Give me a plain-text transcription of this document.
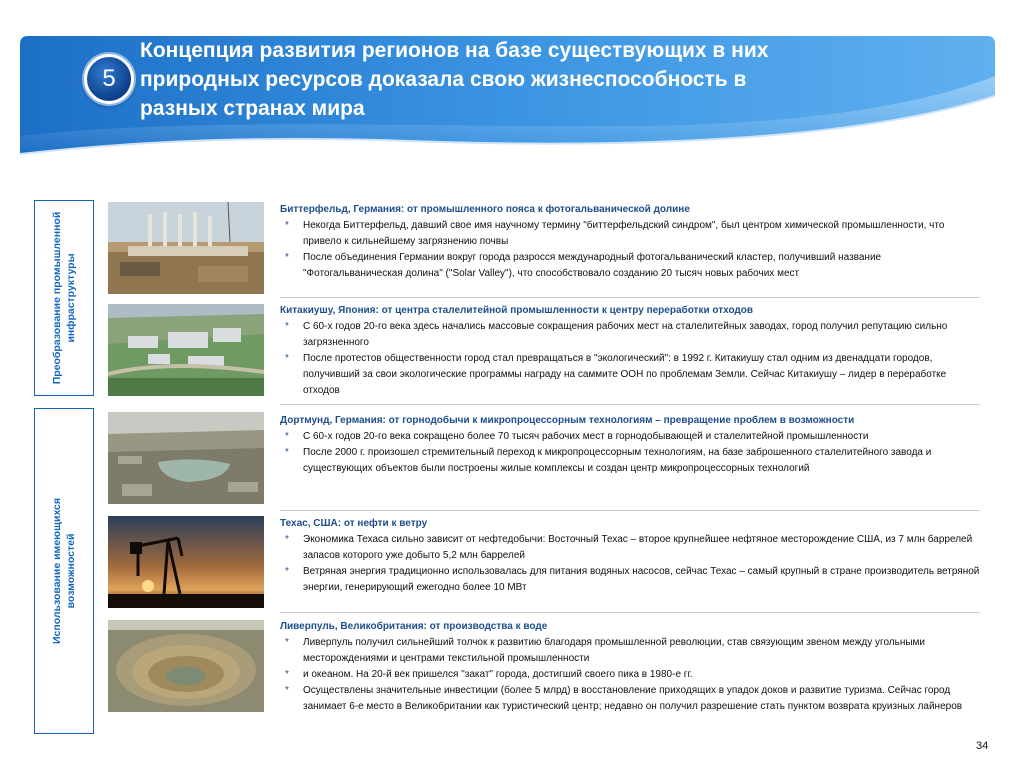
5
Концепция развития регионов на базе существующих в них
природных ресурсов доказала свою жизнеспособность в
разных странах мира
Преобразование промышленной инфраструктуры
Использование имеющихся возможностей
Биттерфельд, Германия: от промышленного пояса к фотогальванической долине
*	Некогда Биттерфельд, давший свое имя научному термину "биттерфельдский синдром", был центром химической промышленности, что привело к сильнейшему загрязнению почвы
*	После объединения Германии вокруг города разросся международный фотогальванический кластер, получивший название "Фотогальваническая долина" ("Solar Valley"), что способствовало созданию 20 тысяч новых рабочих мест
Китакиушу, Япония: от центра сталелитейной промышленности к центру переработки отходов
*	С 60-х годов 20-го века здесь начались массовые сокращения рабочих мест на сталелитейных заводах, город получил репутацию сильно загрязненного
*	После протестов общественности город стал превращаться в "экологический": в 1992 г. Китакиушу стал одним из двенадцати городов, получивший за свои экологические программы награду на саммите ООН по проблемам Земли. Сейчас Китакиушу – лидер в переработке отходов
Дортмунд, Германия: от горнодобычи к микропроцессорным технологиям – превращение проблем в возможности
*	С 60-х годов 20-го века сокращено более 70 тысяч рабочих мест в горнодобывающей и сталелитейной промышленности
*	После 2000 г. произошел стремительный переход к микропроцессорным технологиям, на базе заброшенного сталелитейного завода и существующих объектов были построены жилые комплексы и создан центр микропроцессорных технологий
Техас, США: от нефти к ветру
*	Экономика Техаса сильно зависит от нефтедобычи: Восточный Техас – второе крупнейшее нефтяное месторождение США, из 7 млн баррелей запасов которого уже добыто 5,2 млн баррелей
*	Ветряная энергия традиционно использовалась для питания водяных насосов, сейчас Техас – самый крупный в стране производитель ветряной энергии, генерирующий ежегодно более 10 МВт
Ливерпуль, Великобритания: от производства к воде
*	Ливерпуль получил сильнейший толчок к развитию благодаря промышленной революции, став связующим звеном между угольными месторождениями и центрами текстильной промышленности
*	и океаном. На 20-й век пришелся "закат" города, достигший своего пика в 1980-е гг.
*	Осуществлены значительные инвестиции (более 5 млрд) в восстановление приходящих в упадок доков и развитие туризма. Сейчас город занимает 6-е место в Великобритании как туристический центр; недавно он получил разрешение стать пунктом возврата круизных лайнеров
34
